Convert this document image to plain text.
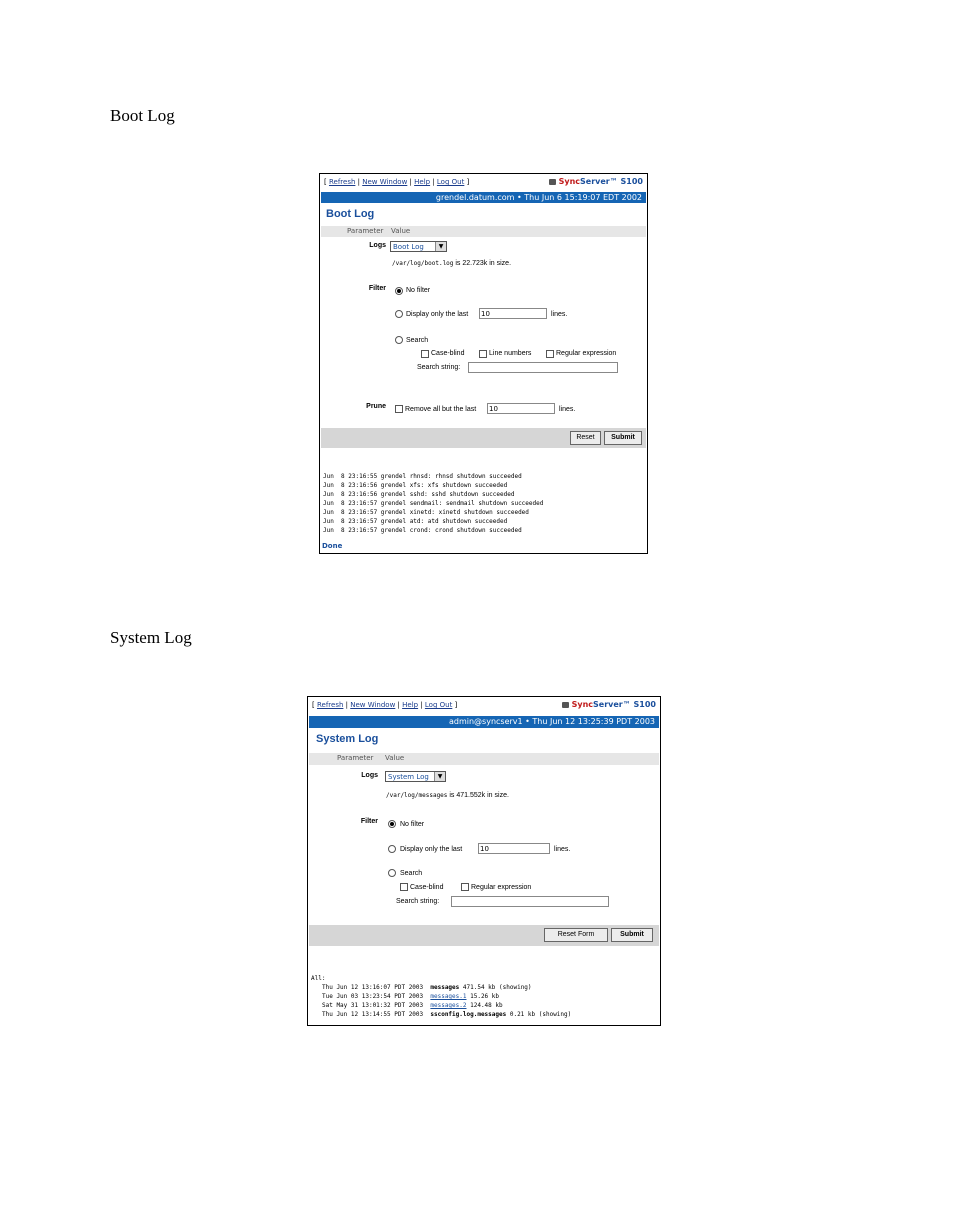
Boot Log
System Log
[ Refresh | New Window | Help | Log Out ]	SyncServer™ S100
grendel.datum.com • Thu Jun 6 15:19:07 EDT 2002
Boot Log
Parameter Value
Logs	Boot Log	▼
/var/log/boot.log is 22.723k in size.
Filter	No filter
Display only the last 10	lines.
Search
Case-blind	Line numbers	Regular expression
Search string:
Prune	Remove all but the last 10	lines.
Reset	Submit
Jun  8 23:16:55 grendel rhnsd: rhnsd shutdown succeeded
Jun  8 23:16:56 grendel xfs: xfs shutdown succeeded
Jun  8 23:16:56 grendel sshd: sshd shutdown succeeded
Jun  8 23:16:57 grendel sendmail: sendmail shutdown succeeded
Jun  8 23:16:57 grendel xinetd: xinetd shutdown succeeded
Jun  8 23:16:57 grendel atd: atd shutdown succeeded
Jun  8 23:16:57 grendel crond: crond shutdown succeeded
Done
[ Refresh | New Window | Help | Log Out ]	SyncServer™ S100
admin@syncserv1 • Thu Jun 12 13:25:39 PDT 2003
System Log
Parameter Value
Logs	System Log	▼
/var/log/messages is 471.552k in size.
Filter	No filter
Display only the last	10	lines.
Search
Case-blind	Regular expression
Search string:
Reset Form	Submit
All:
Thu Jun 12 13:16:07 PDT 2003  messages 471.54 kb (showing)
Tue Jun 03 13:23:54 PDT 2003  messages.1 15.26 kb
Sat May 31 13:01:32 PDT 2003  messages.2 124.48 kb
Thu Jun 12 13:14:55 PDT 2003  ssconfig.log.messages 0.21 kb (showing)
